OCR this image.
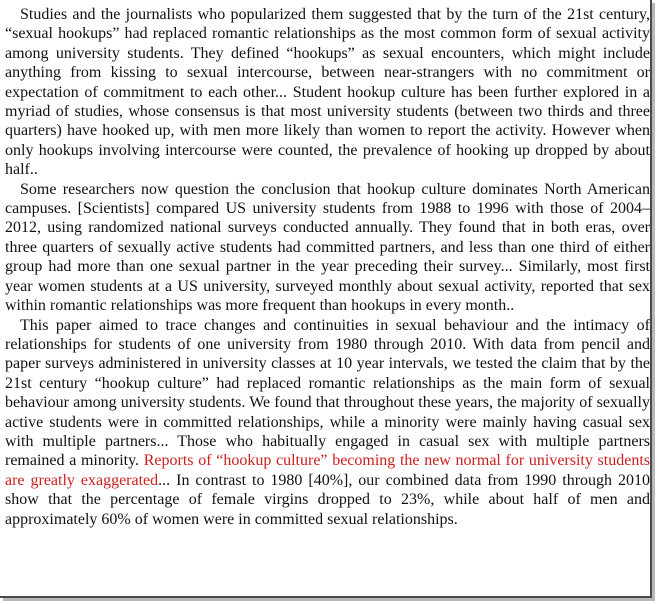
Studies and the journalists who popularized them suggested that by the turn of the 21st century, “sexual hookups” had replaced romantic relationships as the most common form of sexual activity among university students. They defined “hookups” as sexual encounters, which might include anything from kissing to sexual intercourse, between near-strangers with no commitment or expectation of commitment to each other... Student hookup culture has been further explored in a myriad of studies, whose consensus is that most university students (between two thirds and three quarters) have hooked up, with men more likely than women to report the activity. However when only hookups involving intercourse were counted, the prevalence of hooking up dropped by about half..

Some researchers now question the conclusion that hookup culture dominates North American campuses. [Scientists] compared US university students from 1988 to 1996 with those of 2004–2012, using randomized national surveys conducted annually. They found that in both eras, over three quarters of sexually active students had committed partners, and less than one third of either group had more than one sexual partner in the year preceding their survey... Similarly, most first year women students at a US university, surveyed monthly about sexual activity, reported that sex within romantic relationships was more frequent than hookups in every month..

This paper aimed to trace changes and continuities in sexual behaviour and the intimacy of relationships for students of one university from 1980 through 2010. With data from pencil and paper surveys administered in university classes at 10 year intervals, we tested the claim that by the 21st century “hookup culture” had replaced romantic relationships as the main form of sexual behaviour among university students. We found that throughout these years, the majority of sexually active students were in committed relationships, while a minority were mainly having casual sex with multiple partners... Those who habitually engaged in casual sex with multiple partners remained a minority. Reports of “hookup culture” becoming the new normal for university students are greatly exaggerated... In contrast to 1980 [40%], our combined data from 1990 through 2010 show that the percentage of female virgins dropped to 23%, while about half of men and approximately 60% of women were in committed sexual relationships.
